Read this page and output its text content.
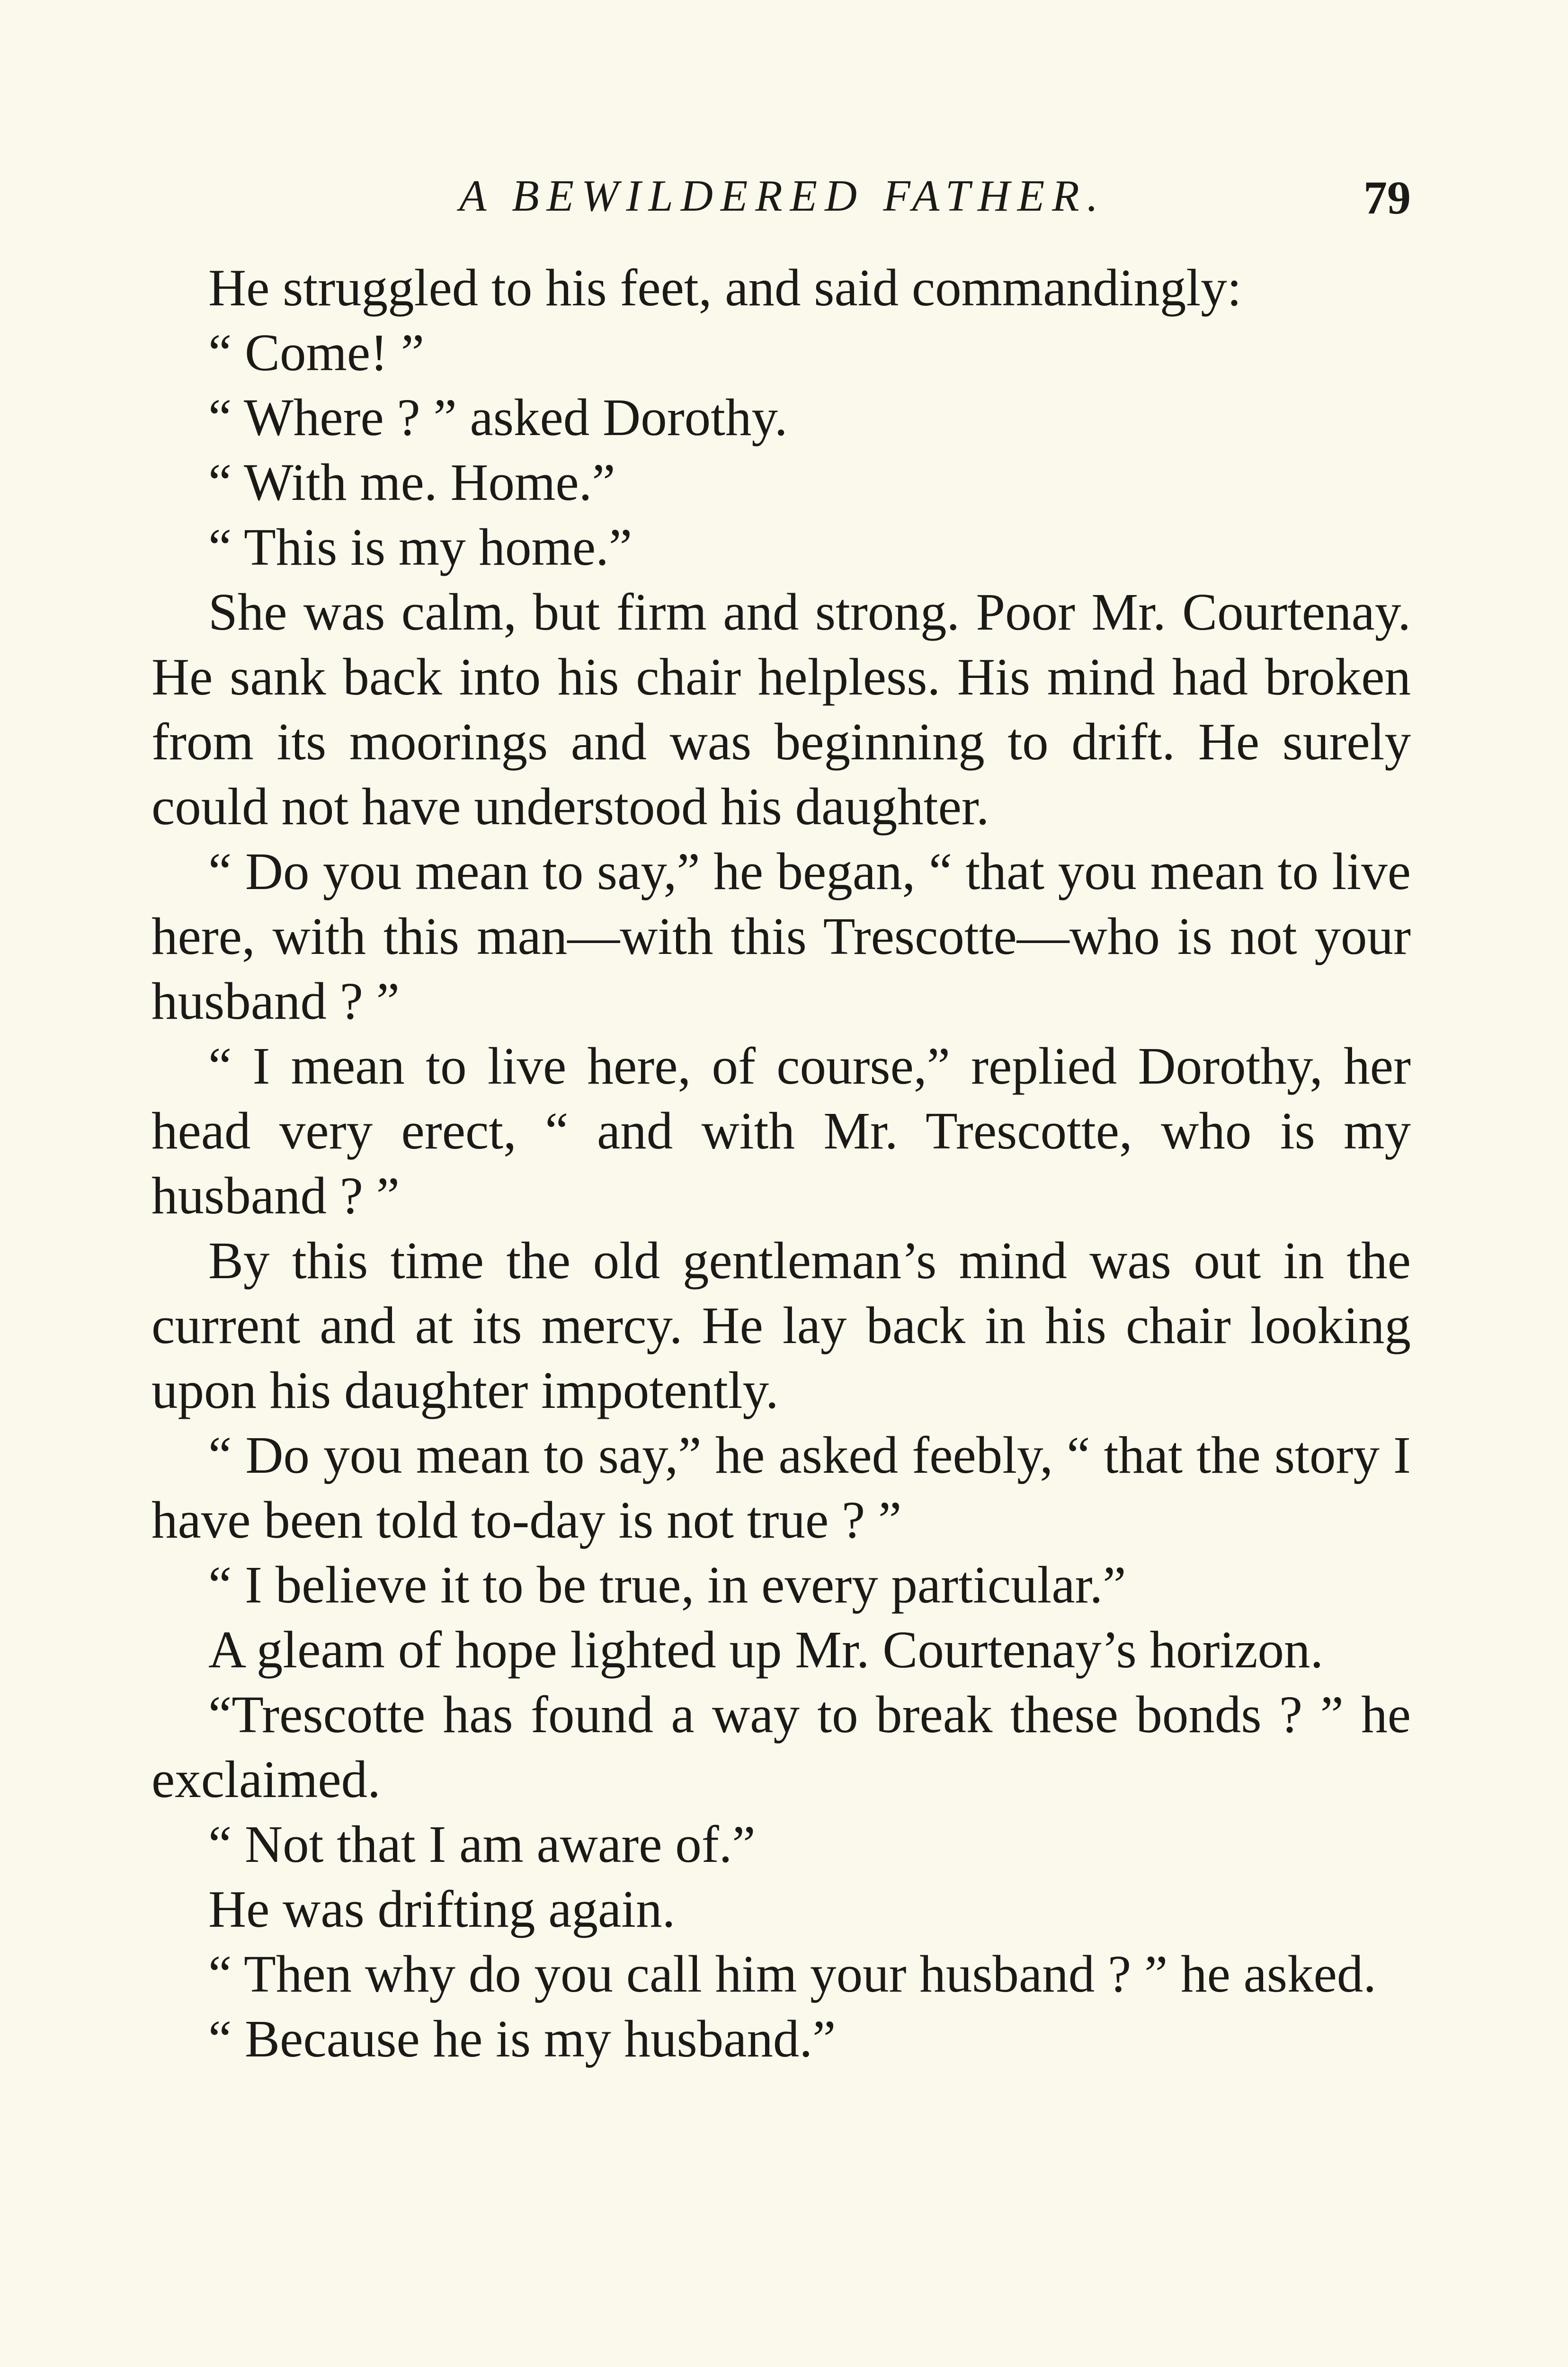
A BEWILDERED FATHER.	79

He struggled to his feet, and said commandingly:

“ Come! ”

“ Where ? ” asked Dorothy.

“ With me. Home.”

“ This is my home.”

She was calm, but firm and strong. Poor Mr. Courtenay. He sank back into his chair helpless. His mind had broken from its moorings and was beginning to drift. He surely could not have understood his daughter.

“ Do you mean to say,” he began, “ that you mean to live here, with this man—with this Trescotte—who is not your husband ? ”

“ I mean to live here, of course,” replied Dorothy, her head very erect, “ and with Mr. Trescotte, who is my husband ? ”

By this time the old gentleman’s mind was out in the current and at its mercy. He lay back in his chair looking upon his daughter impotently.

“ Do you mean to say,” he asked feebly, “ that the story I have been told to-day is not true ? ”

“ I believe it to be true, in every particular.”

A gleam of hope lighted up Mr. Courtenay’s horizon.

“Trescotte has found a way to break these bonds ? ” he exclaimed.

“ Not that I am aware of.”

He was drifting again.

“ Then why do you call him your husband ? ” he asked.

“ Because he is my husband.”
